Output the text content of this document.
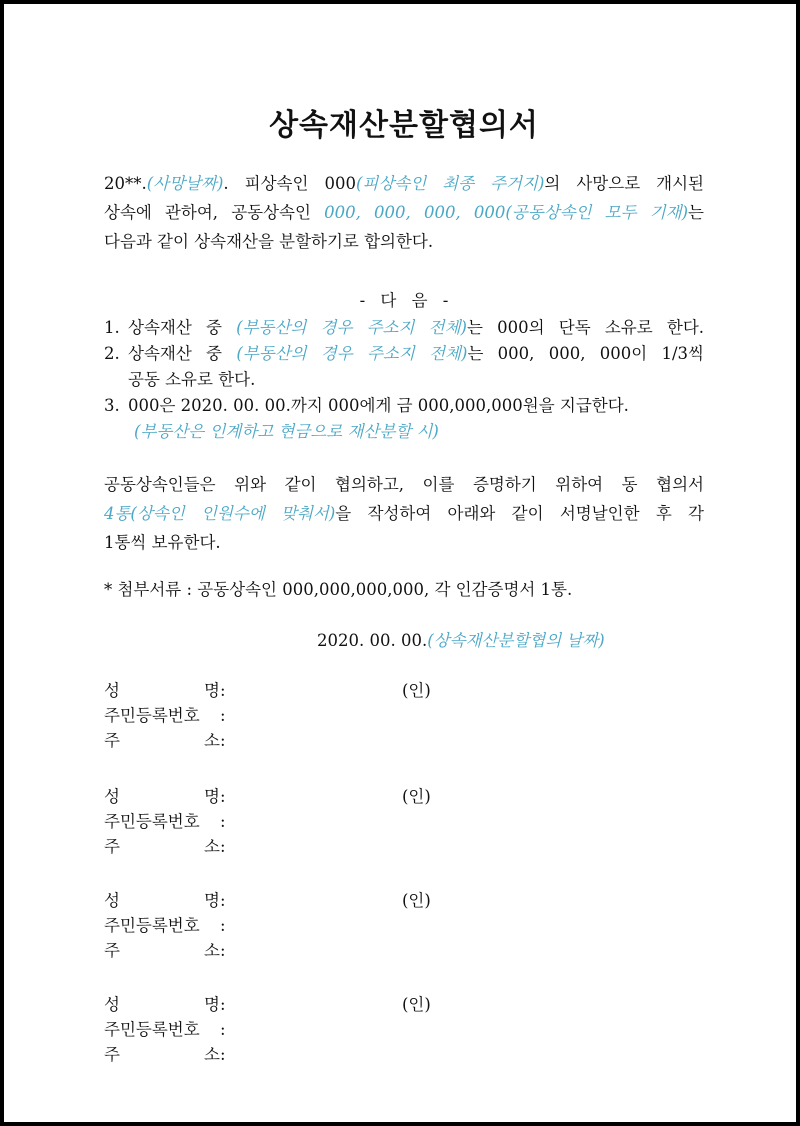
상속재산분할협의서

20**.(사망날짜). 피상속인 000(피상속인 최종 주거지)의 사망으로 개시된
상속에 관하여, 공동상속인 000, 000, 000, 000(공동상속인 모두 기재)는
다음과 같이 상속재산을 분할하기로 합의한다.

- 다 음 -

1. 상속재산 중 (부동산의 경우 주소지 전체)는 000의 단독 소유로 한다.
2. 상속재산 중 (부동산의 경우 주소지 전체)는 000, 000, 000이 1/3씩
공동 소유로 한다.
3. 000은 2020. 00. 00.까지 000에게 금 000,000,000원을 지급한다.
(부동산은 인계하고 현금으로 재산분할 시)

공동상속인들은 위와 같이 협의하고, 이를 증명하기 위하여 동 협의서
4통(상속인 인원수에 맞춰서)을 작성하여 아래와 같이 서명날인한 후 각
1통씩 보유한다.

* 첨부서류 : 공동상속인 000,000,000,000, 각 인감증명서 1통.

2020. 00. 00.(상속재산분할협의 날짜)

성	명 :	(인)
주민등록번호	:
주	소 :
성	명 :	(인)
주민등록번호	:
주	소 :
성	명 :	(인)
주민등록번호	:
주	소 :
성	명 :	(인)
주민등록번호	:
주	소 :
